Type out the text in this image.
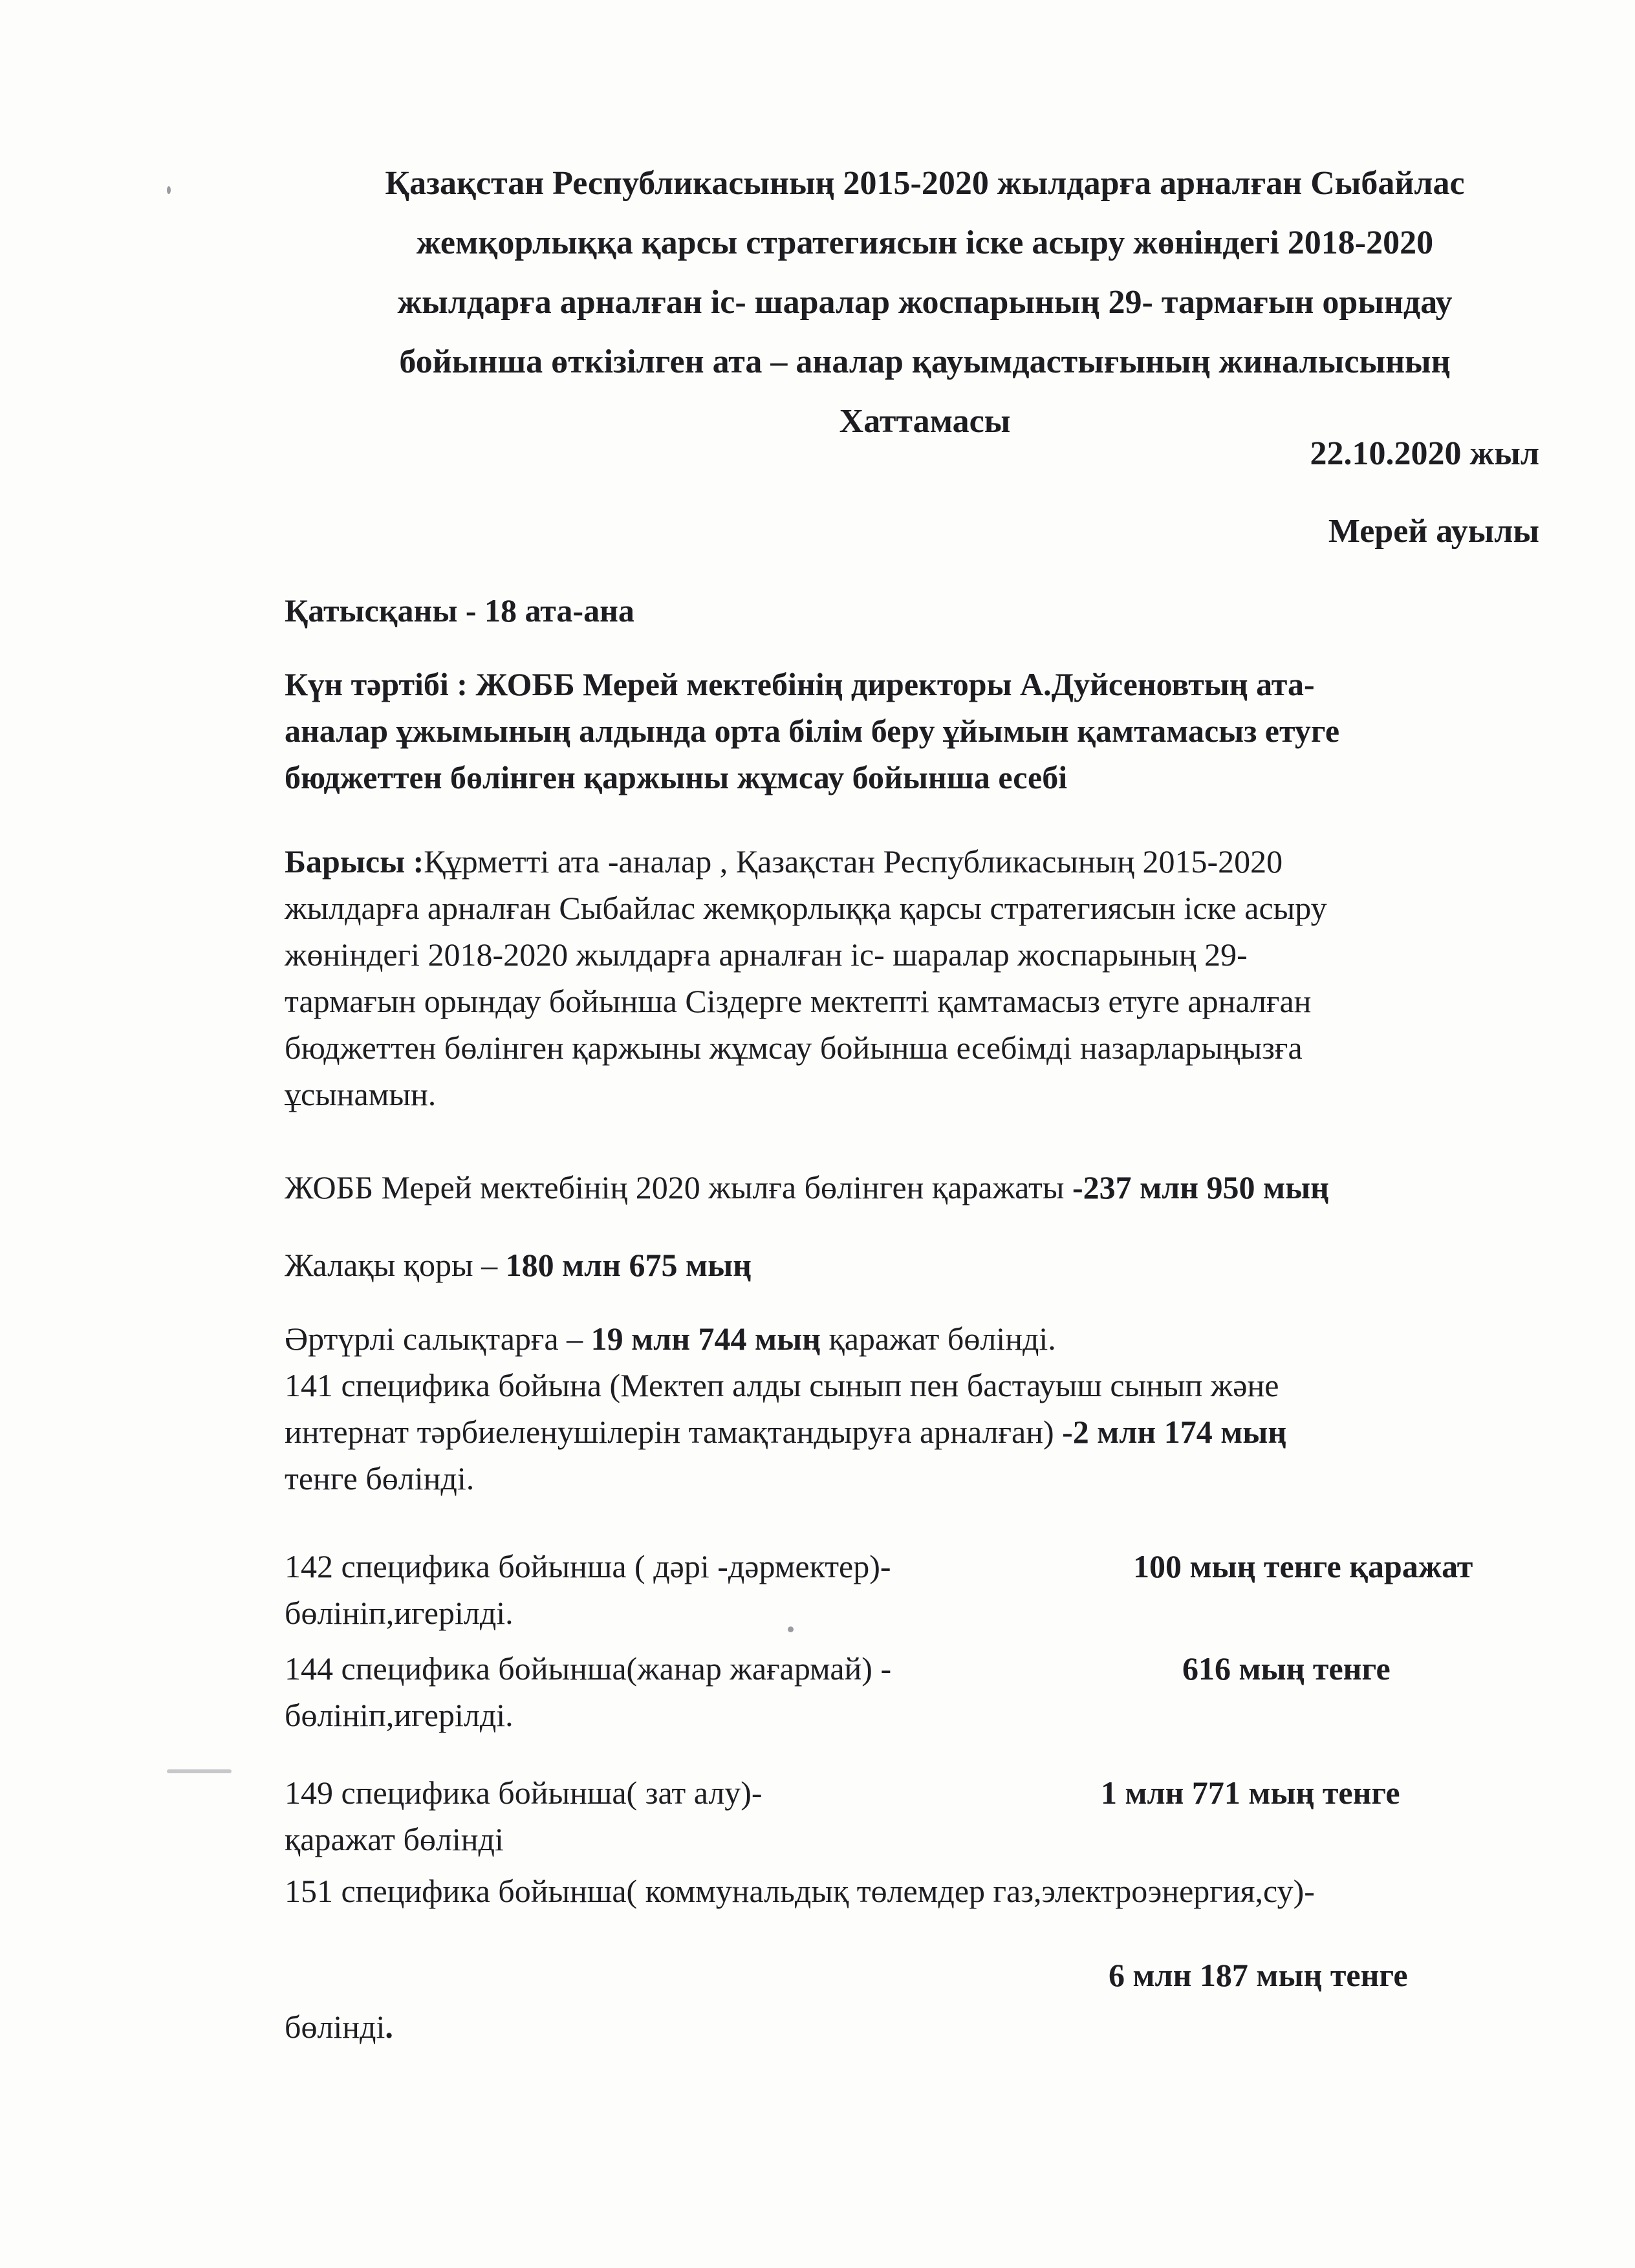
Қазақстан Республикасының 2015-2020 жылдарға арналған Сыбайлас
жемқорлыққа қарсы стратегиясын іске асыру жөніндегі 2018-2020
жылдарға арналған іс- шаралар жоспарының 29- тармағын орындау
бойынша өткізілген ата – аналар қауымдастығының жиналысының
Хаттамасы
22.10.2020 жыл
Мерей ауылы
Қатысқаны - 18 ата-ана
Күн тәртібі : ЖОББ Мерей мектебінің директоры А.Дуйсеновтың ата-
аналар ұжымының алдында орта білім беру ұйымын қамтамасыз етуге
бюджеттен бөлінген қаржыны жұмсау бойынша есебі
Барысы :Құрметті ата -аналар , Қазақстан Республикасының 2015-2020
жылдарға арналған Сыбайлас жемқорлыққа қарсы стратегиясын іске асыру
жөніндегі 2018-2020 жылдарға арналған іс- шаралар жоспарының 29-
тармағын орындау бойынша Сіздерге мектепті қамтамасыз етуге арналған
бюджеттен бөлінген қаржыны жұмсау бойынша есебімді назарларыңызға
ұсынамын.
ЖОББ Мерей мектебінің 2020 жылға бөлінген қаражаты -237 млн 950 мың
Жалақы қоры – 180 млн 675 мың
Әртүрлі салықтарға – 19 млн 744 мың қаражат бөлінді.
141 спецификa бойына (Мектеп алды сынып пен бастауыш сынып және
интернат тәрбиеленушілерін тамақтандыруға арналған) -2 млн 174 мың
тенге бөлінді.
142 спецификa бойынша ( дәрі -дәрмектер)-	100 мың тенге қаражат
бөлініп,игерілді.
144 спецификa бойынша(жанар жағармай) -	616 мың тенге
бөлініп,игерілді.
149 спецификa бойынша( зат алу)-	1 млн 771 мың тенге
қаражат бөлінді
151 спецификa бойынша( коммунальдық төлемдер газ,электроэнергия,су)-
6 млн 187 мың тенге
бөлінді.
